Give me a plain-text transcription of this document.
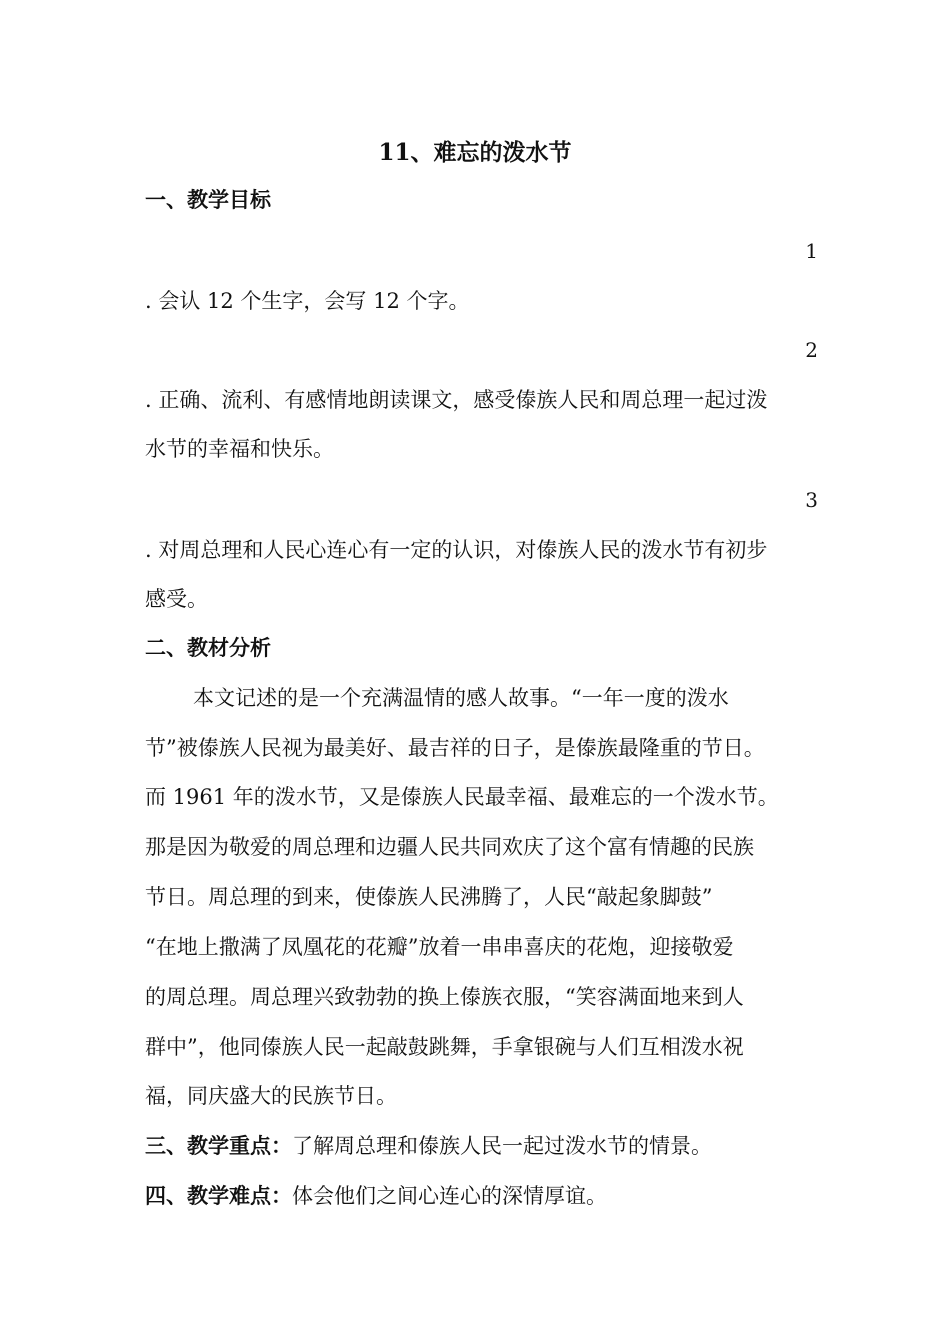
11、难忘的泼水节
一、教学目标
1
. 会认 12 个生字，会写 12 个字。
2
. 正确、流利、有感情地朗读课文，感受傣族人民和周总理一起过泼
水节的幸福和快乐。
3
. 对周总理和人民心连心有一定的认识，对傣族人民的泼水节有初步
感受。
二、教材分析
本文记述的是一个充满温情的感人故事。“一年一度的泼水
节”被傣族人民视为最美好、最吉祥的日子，是傣族最隆重的节日。
而 1961 年的泼水节，又是傣族人民最幸福、最难忘的一个泼水节。
那是因为敬爱的周总理和边疆人民共同欢庆了这个富有情趣的民族
节日。周总理的到来，使傣族人民沸腾了，人民“敲起象脚鼓”
“在地上撒满了凤凰花的花瓣”放着一串串喜庆的花炮，迎接敬爱
的周总理。周总理兴致勃勃的换上傣族衣服，“笑容满面地来到人
群中”，他同傣族人民一起敲鼓跳舞，手拿银碗与人们互相泼水祝
福，同庆盛大的民族节日。
三、教学重点：了解周总理和傣族人民一起过泼水节的情景。
四、教学难点：体会他们之间心连心的深情厚谊。
